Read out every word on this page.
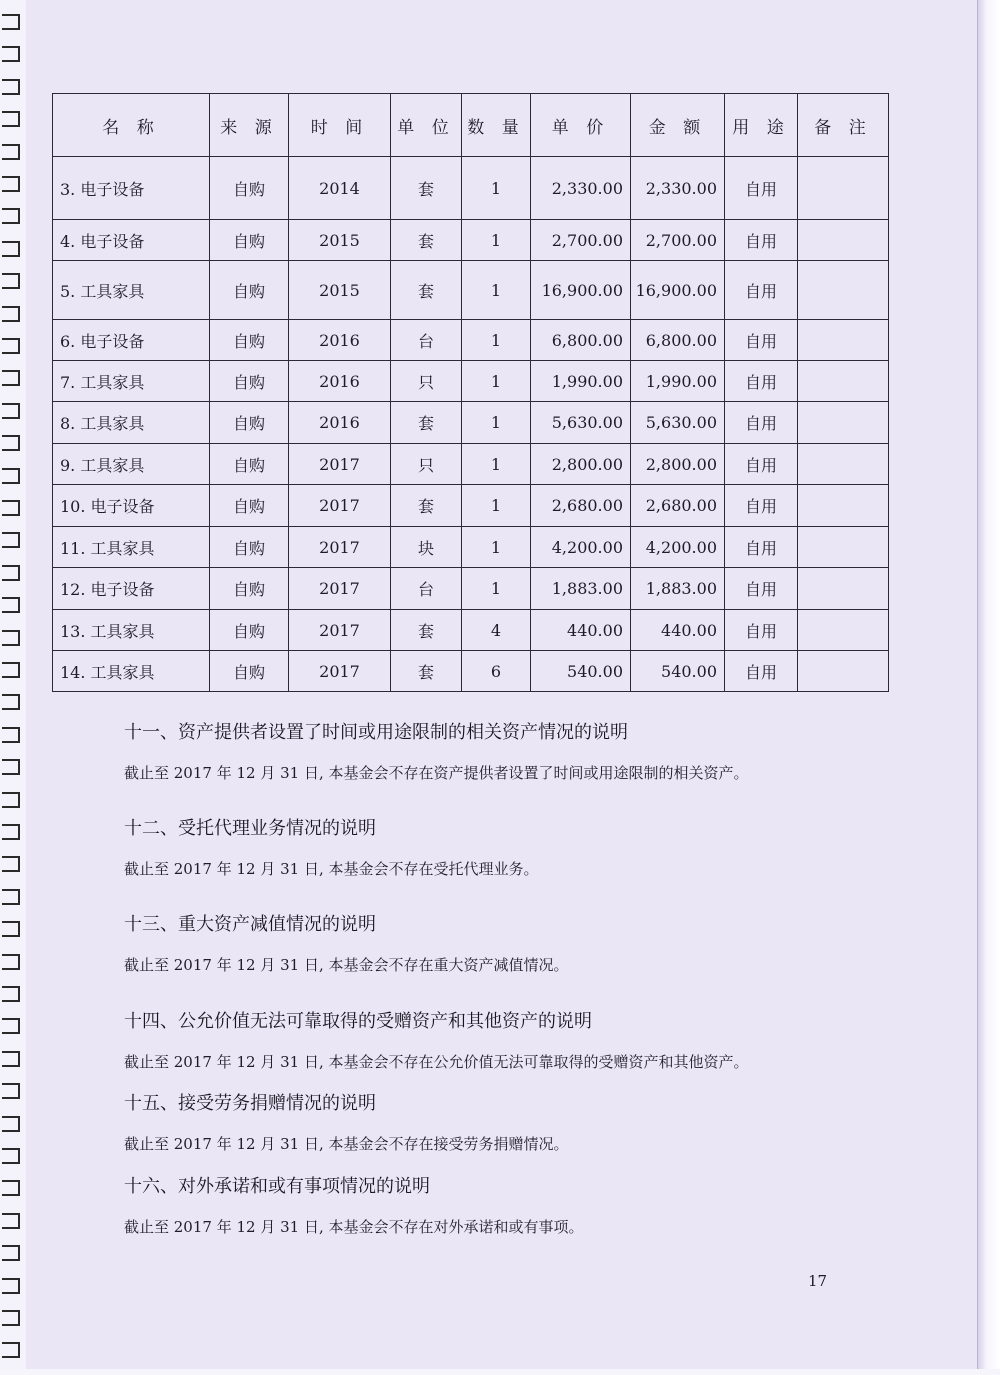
名 称	来 源	时 间	单 位	数 量	单 价	金 额	用 途	备 注
3. 电子设备	自购	2014	套	1	2,330.00	2,330.00	自用	
4. 电子设备	自购	2015	套	1	2,700.00	2,700.00	自用	
5. 工具家具	自购	2015	套	1	16,900.00	16,900.00	自用	
6. 电子设备	自购	2016	台	1	6,800.00	6,800.00	自用	
7. 工具家具	自购	2016	只	1	1,990.00	1,990.00	自用	
8. 工具家具	自购	2016	套	1	5,630.00	5,630.00	自用	
9. 工具家具	自购	2017	只	1	2,800.00	2,800.00	自用	
10. 电子设备	自购	2017	套	1	2,680.00	2,680.00	自用	
11. 工具家具	自购	2017	块	1	4,200.00	4,200.00	自用	
12. 电子设备	自购	2017	台	1	1,883.00	1,883.00	自用	
13. 工具家具	自购	2017	套	4	440.00	440.00	自用	
14. 工具家具	自购	2017	套	6	540.00	540.00	自用	
十一、资产提供者设置了时间或用途限制的相关资产情况的说明

截止至 2017 年 12 月 31 日, 本基金会不存在资产提供者设置了时间或用途限制的相关资产。

十二、受托代理业务情况的说明

截止至 2017 年 12 月 31 日, 本基金会不存在受托代理业务。

十三、重大资产减值情况的说明

截止至 2017 年 12 月 31 日, 本基金会不存在重大资产减值情况。

十四、公允价值无法可靠取得的受赠资产和其他资产的说明

截止至 2017 年 12 月 31 日, 本基金会不存在公允价值无法可靠取得的受赠资产和其他资产。

十五、接受劳务捐赠情况的说明

截止至 2017 年 12 月 31 日, 本基金会不存在接受劳务捐赠情况。

十六、对外承诺和或有事项情况的说明

截止至 2017 年 12 月 31 日, 本基金会不存在对外承诺和或有事项。

17
